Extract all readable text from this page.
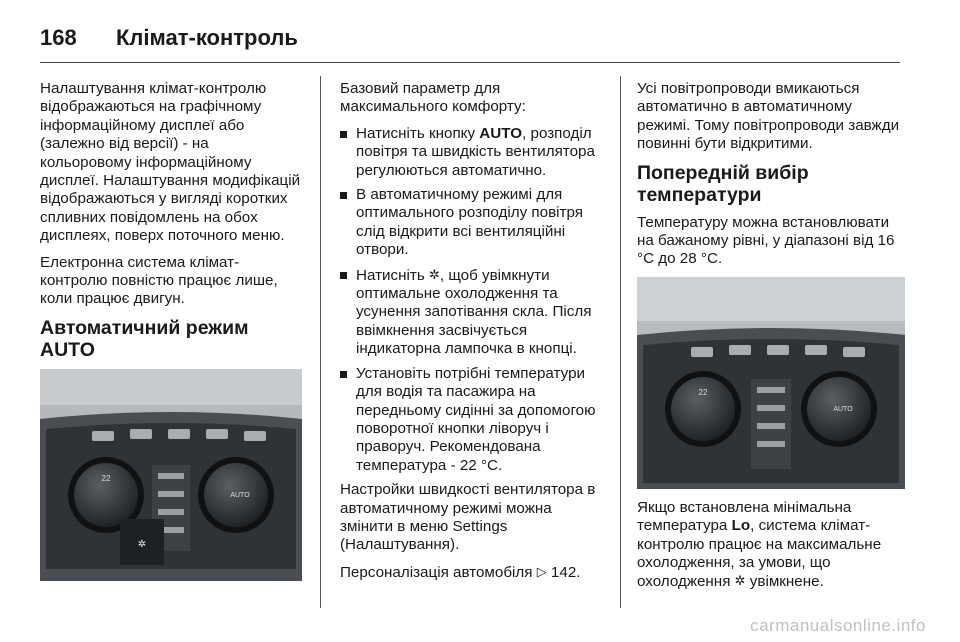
168	Клімат-контроль

Налаштування клімат-контролю відображаються на графічному інформаційному дисплеї або (залежно від версії) - на кольоровому інформаційному дисплеї. Налаштування модифікацій відображаються у вигляді коротких спливних повідомлень на обох дисплеях, поверх поточного меню.

Електронна система клімат-контролю повністю працює лише, коли працює двигун.

Автоматичний режим AUTO
22
AUTO
✲

Базовий параметр для максимального комфорту:

Натисніть кнопку AUTO, розподіл повітря та швидкість вентилятора регулюються автоматично.
В автоматичному режимі для оптимального розподілу повітря слід відкрити всі вентиляційні отвори.
Натисніть ✲, щоб увімкнути оптимальне охолодження та усунення запотівання скла. Після ввімкнення засвічується індикаторна лампочка в кнопці.
Установіть потрібні температури для водія та пасажира на передньому сидінні за допомогою поворотної кнопки ліворуч і праворуч. Рекомендована температура - 22 °C.

Настройки швидкості вентилятора в автоматичному режимі можна змінити в меню Settings (Налаштування).

Персоналізація автомобіля ▷ 142.

Усі повітропроводи вмикаються автоматично в автоматичному режимі. Тому повітропроводи завжди повинні бути відкритими.

Попередній вибір температури

Температуру можна встановлювати на бажаному рівні, у діапазоні від 16 °C до 28 °C.

22
AUTO

Якщо встановлена мінімальна температура Lo, система клімат-контролю працює на максимальне охолодження, за умови, що охолодження ✲ увімкнене.

carmanualsonline.info
